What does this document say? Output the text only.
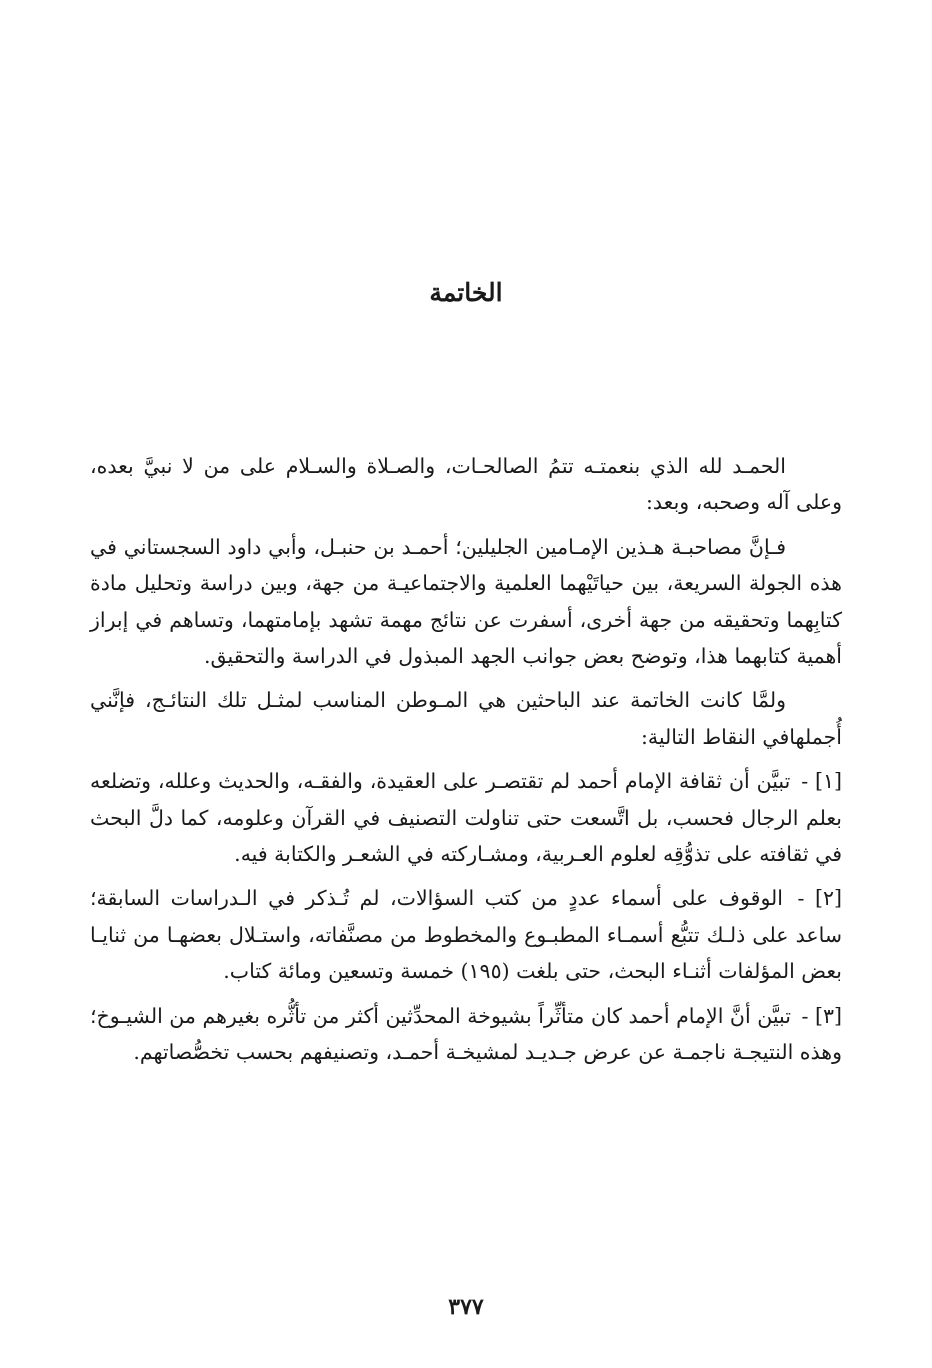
الخاتمة

الحمـد لله الذي بنعمتـه تتمُ الصالحـات، والصـلاة والسـلام على من لا نبيَّ بعده، وعلى آله وصحبه، وبعد:

فـإنَّ مصاحبـة هـذين الإمـامين الجليلين؛ أحمـد بن حنبـل، وأبي داود السجستاني في هذه الجولة السريعة، بين حياتَيْهما العلمية والاجتماعيـة من جهة، وبين دراسة وتحليل مادة كتابِهما وتحقيقه من جهة أخرى، أسفرت عن نتائج مهمة تشهد بإمامتهما، وتساهم في إبراز أهمية كتابهما هذا، وتوضح بعض جوانب الجهد المبذول في الدراسة والتحقيق.

ولمَّا كانت الخاتمة عند الباحثين هي المـوطن المناسب لمثـل تلك النتائـج، فإنَّني أُجملهافي النقاط التالية:

[١] - تبيَّن أن ثقافة الإمام أحمد لم تقتصـر على العقيدة، والفقـه، والحديث وعلله، وتضلعه بعلم الرجال فحسب، بل اتَّسعت حتى تناولت التصنيف في القرآن وعلومه، كما دلَّ البحث في ثقافته على تذوُّقِه لعلوم العـربية، ومشـاركته في الشعـر والكتابة فيه.

[٢] - الوقوف على أسماء عددٍ من كتب السؤالات، لم تُـذكر في الـدراسات السابقة؛ ساعد على ذلـك تتبُّع أسمـاء المطبـوع والمخطوط من مصنَّفاته، واستـلال بعضهـا من ثنايـا بعض المؤلفات أثنـاء البحث، حتى بلغت (١٩٥) خمسة وتسعين ومائة كتاب.

[٣] - تبيَّن أنَّ الإمام أحمد كان متأثِّراً بشيوخة المحدِّثين أكثر من تأثُّره بغيرهم من الشيـوخ؛ وهذه النتيجـة ناجمـة عن عرض جـديـد لمشيخـة أحمـد، وتصنيفهم بحسب تخصُّصاتهم.

٣٧٧
